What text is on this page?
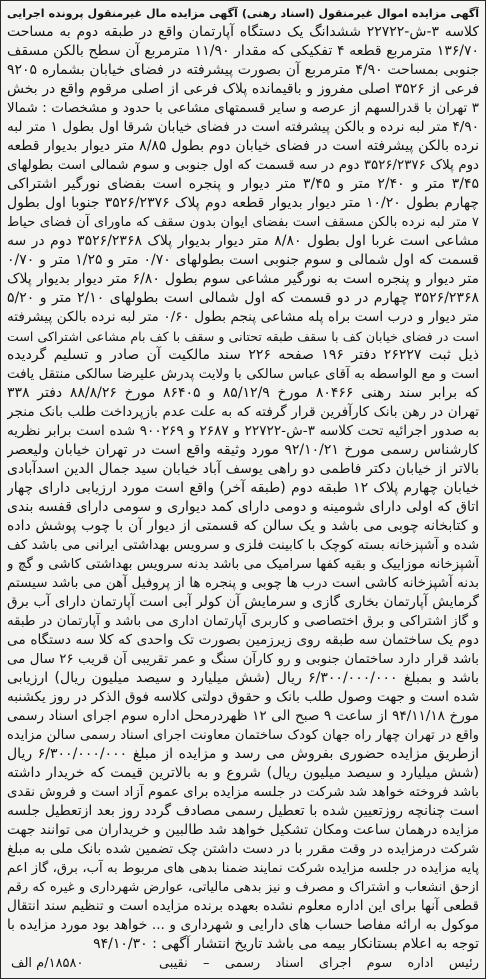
آگهی مزایده اموال غیرمنقول (اسناد رهنی) آگهی مزایده مال غیرمنقول پرونده اجرایی
کلاسه ۳-ش-۲۲۷۲۲ ششدانگ یک دستگاه آپارتمان واقع در طبقه دوم به مساحت
۱۳۶/۷۰ مترمربع قطعه ۴ تفکیکی که مقدار ۱۱/۹۰ مترمربع آن سطح بالکن مسقف
جنوبی بمساحت ۴/۹۰ مترمربع آن بصورت پیشرفته در فضای خیابان بشماره ۹۲۰۵
فرعی از ۳۵۲۶ اصلی مفروز و باقیمانده پلاک فرعی از اصلی مرقوم واقع در بخش
۳ تهران با قدرالسهم از عرصه و سایر قسمتهای مشاعی با حدود و مشخصات : شمالا
۴/۹۰ متر لبه نرده و بالکن پیشرفته است در فضای خیابان شرقا اول بطول ۱ متر لبه
نرده بالکن پیشرفته است در فضای خیابان دوم بطول ۸/۸۵ متر دیوار بدیوار قطعه
دوم پلاک ۳۵۲۶/۲۳۷۶ دوم در سه قسمت که اول جنوبی و سوم شمالی است بطولهای
۳/۴۵ متر و ۲/۴۰ متر و ۳/۴۵ متر دیوار و پنجره است بفضای نورگیر اشتراکی
چهارم بطول ۱۰/۲۰ متر دیوار بدیوار قطعه دوم پلاک ۳۵۲۶/۲۳۷۶ جنوبا اول بطول
۷ متر لبه نرده بالکن مسقف است بفضای ایوان بدون سقف که ماورای آن فضای حیاط
مشاعی است غربا اول بطول ۸/۸۰ متر دیوار بدیوار پلاک ۳۵۲۶/۲۳۶۸ دوم در سه
قسمت که اول شمالی و سوم جنوبی است بطولهای ۰/۷۰ متر و ۱/۲۵ متر و ۰/۷۰
متر دیوار و پنجره است به نورگیر مشاعی سوم بطول ۶/۸۰ متر دیوار بدیوار پلاک
۳۵۲۶/۲۳۶۸ چهارم در دو قسمت که اول شمالی است بطولهای ۲/۱۰ متر و ۵/۲۰
متر دیوار و درب است براه پله مشاعی پنجم بطول ۰/۶۰ متر لبه نرده بالکن پیشرفته
است در فضای خیابان کف با سقف طبقه تحتانی و سقف با کف بام مشاعی اشتراکی است
ذیل ثبت ۲۶۲۲۷ دفتر ۱۹۶ صفحه ۲۲۶ سند مالکیت آن صادر و تسلیم گردیده
است و مع الواسطه به آقای عباس سالکی با ولایت پدرش علیرضا سالکی منتقل یافت
که برابر سند رهنی ۸۰۴۶۶ مورخ ۸۵/۱۲/۹ و ۸۶۴۰۵ مورخ ۸۸/۸/۲۶ دفتر ۳۳۸
تهران در رهن بانک کارآفرین قرار گرفته که به علت عدم بازپرداخت طلب بانک منجر
به صدور اجرائیه تحت کلاسه ۳-ش-۲۲۷۲۲ و ۲۶۸۷ و ۹۰۰۲۶۹ شده است برابر نظریه
کارشناس رسمی مورخ ۹۲/۱۰/۲۱ مورد وثیقه واقع است در تهران خیابان ولیعصر
بالاتر از خیابان دکتر فاطمی دو راهی یوسف آباد خیابان سید جمال الدین اسدآبادی
خیابان چهارم پلاک ۱۲ طبقه دوم (طبقه آخر) واقع است مورد ارزیابی دارای چهار
اتاق که اولی دارای شومینه و دومی دارای کمد دیواری و سومی دارای قفسه بندی
و کتابخانه چوبی می باشد و یک سالن که قسمتی از دیوار آن با چوب پوشش داده
شده و آشپزخانه بسته کوچک با کابینت فلزی و سرویس بهداشتی ایرانی می باشد کف
آشپزخانه موزاییک و بقیه کفها سرامیک می باشد بدنه سرویس بهداشتی کاشی و گچ و
بدنه آشپزخانه کاشی است درب ها چوبی و پنجره ها از پروفیل آهن می باشد سیستم
گرمایش آپارتمان بخاری گازی و سرمایش آن کولر آبی است آپارتمان دارای آب برق
و گاز اشتراکی و برق اختصاصی و کاربری آپارتمان اداری می باشد و آپارتمان در طبقه
دوم یک ساختمان سه طبقه روی زیرزمین بصورت تک واحدی که کلا سه دستگاه می
باشد قرار دارد ساختمان جنوبی و رو کارآن سنگ و عمر تقریبی آن قریب ۲۶ سال می
باشد و بمبلغ ۶/۳۰۰/۰۰۰/۰۰۰ ریال (شش میلیارد و سیصد میلیون ریال) ارزیابی
شده است و جهت وصول طلب بانک و حقوق دولتی کلاسه فوق الذکر در روز یکشنبه
مورخ ۹۴/۱۱/۱۸ از ساعت ۹ صبح الی ۱۲ ظهردرمحل اداره سوم اجرای اسناد رسمی
واقع در تهران چهار راه جهان کودک ساختمان معاونت اجرای اسناد رسمی سالن مزایده
ازطریق مزایده حضوری بفروش می رسد و مزایده از مبلغ ۶/۳۰۰/۰۰۰/۰۰۰ ریال
(شش میلیارد و سیصد میلیون ریال) شروع و به بالاترین قیمت که خریدار داشته
باشد فروخته خواهد شد شرکت در جلسه مزایده برای عموم آزاد است و فروش نقدی
است چنانچه روزتعیین شده با تعطیل رسمی مصادف گردد روز بعد ازتعطیل جلسه
مزایده درهمان ساعت ومکان تشکیل خواهد شد طالبین و خریداران می توانند جهت
شرکت درمزایده در وقت مقرر با در دست داشتن چک تضمین شده بانک ملی به مبلغ
پایه مزایده در جلسه مزایده شرکت نمایند ضمنا بدهی های مربوط به آب، برق، گاز اعم
ازحق انشعاب و اشتراک و مصرف و نیز بدهی مالیاتی، عوارض شهرداری و غیره که رقم
قطعی آنها برای این اداره معلوم نشده بعهده برنده مزایده است و تنظیم سند انتقال
موکول به ارائه مفاصا حساب های دارایی و شهرداری و ... خواهد بود مورد مزایده با
توجه به اعلام بستانکار بیمه می باشد تاریخ انتشار آگهی : ۹۴/۱۰/۳۰
رئیس اداره سوم اجرای اسناد رسمی – نقیبی
۱۸۵۸۰/م الف
